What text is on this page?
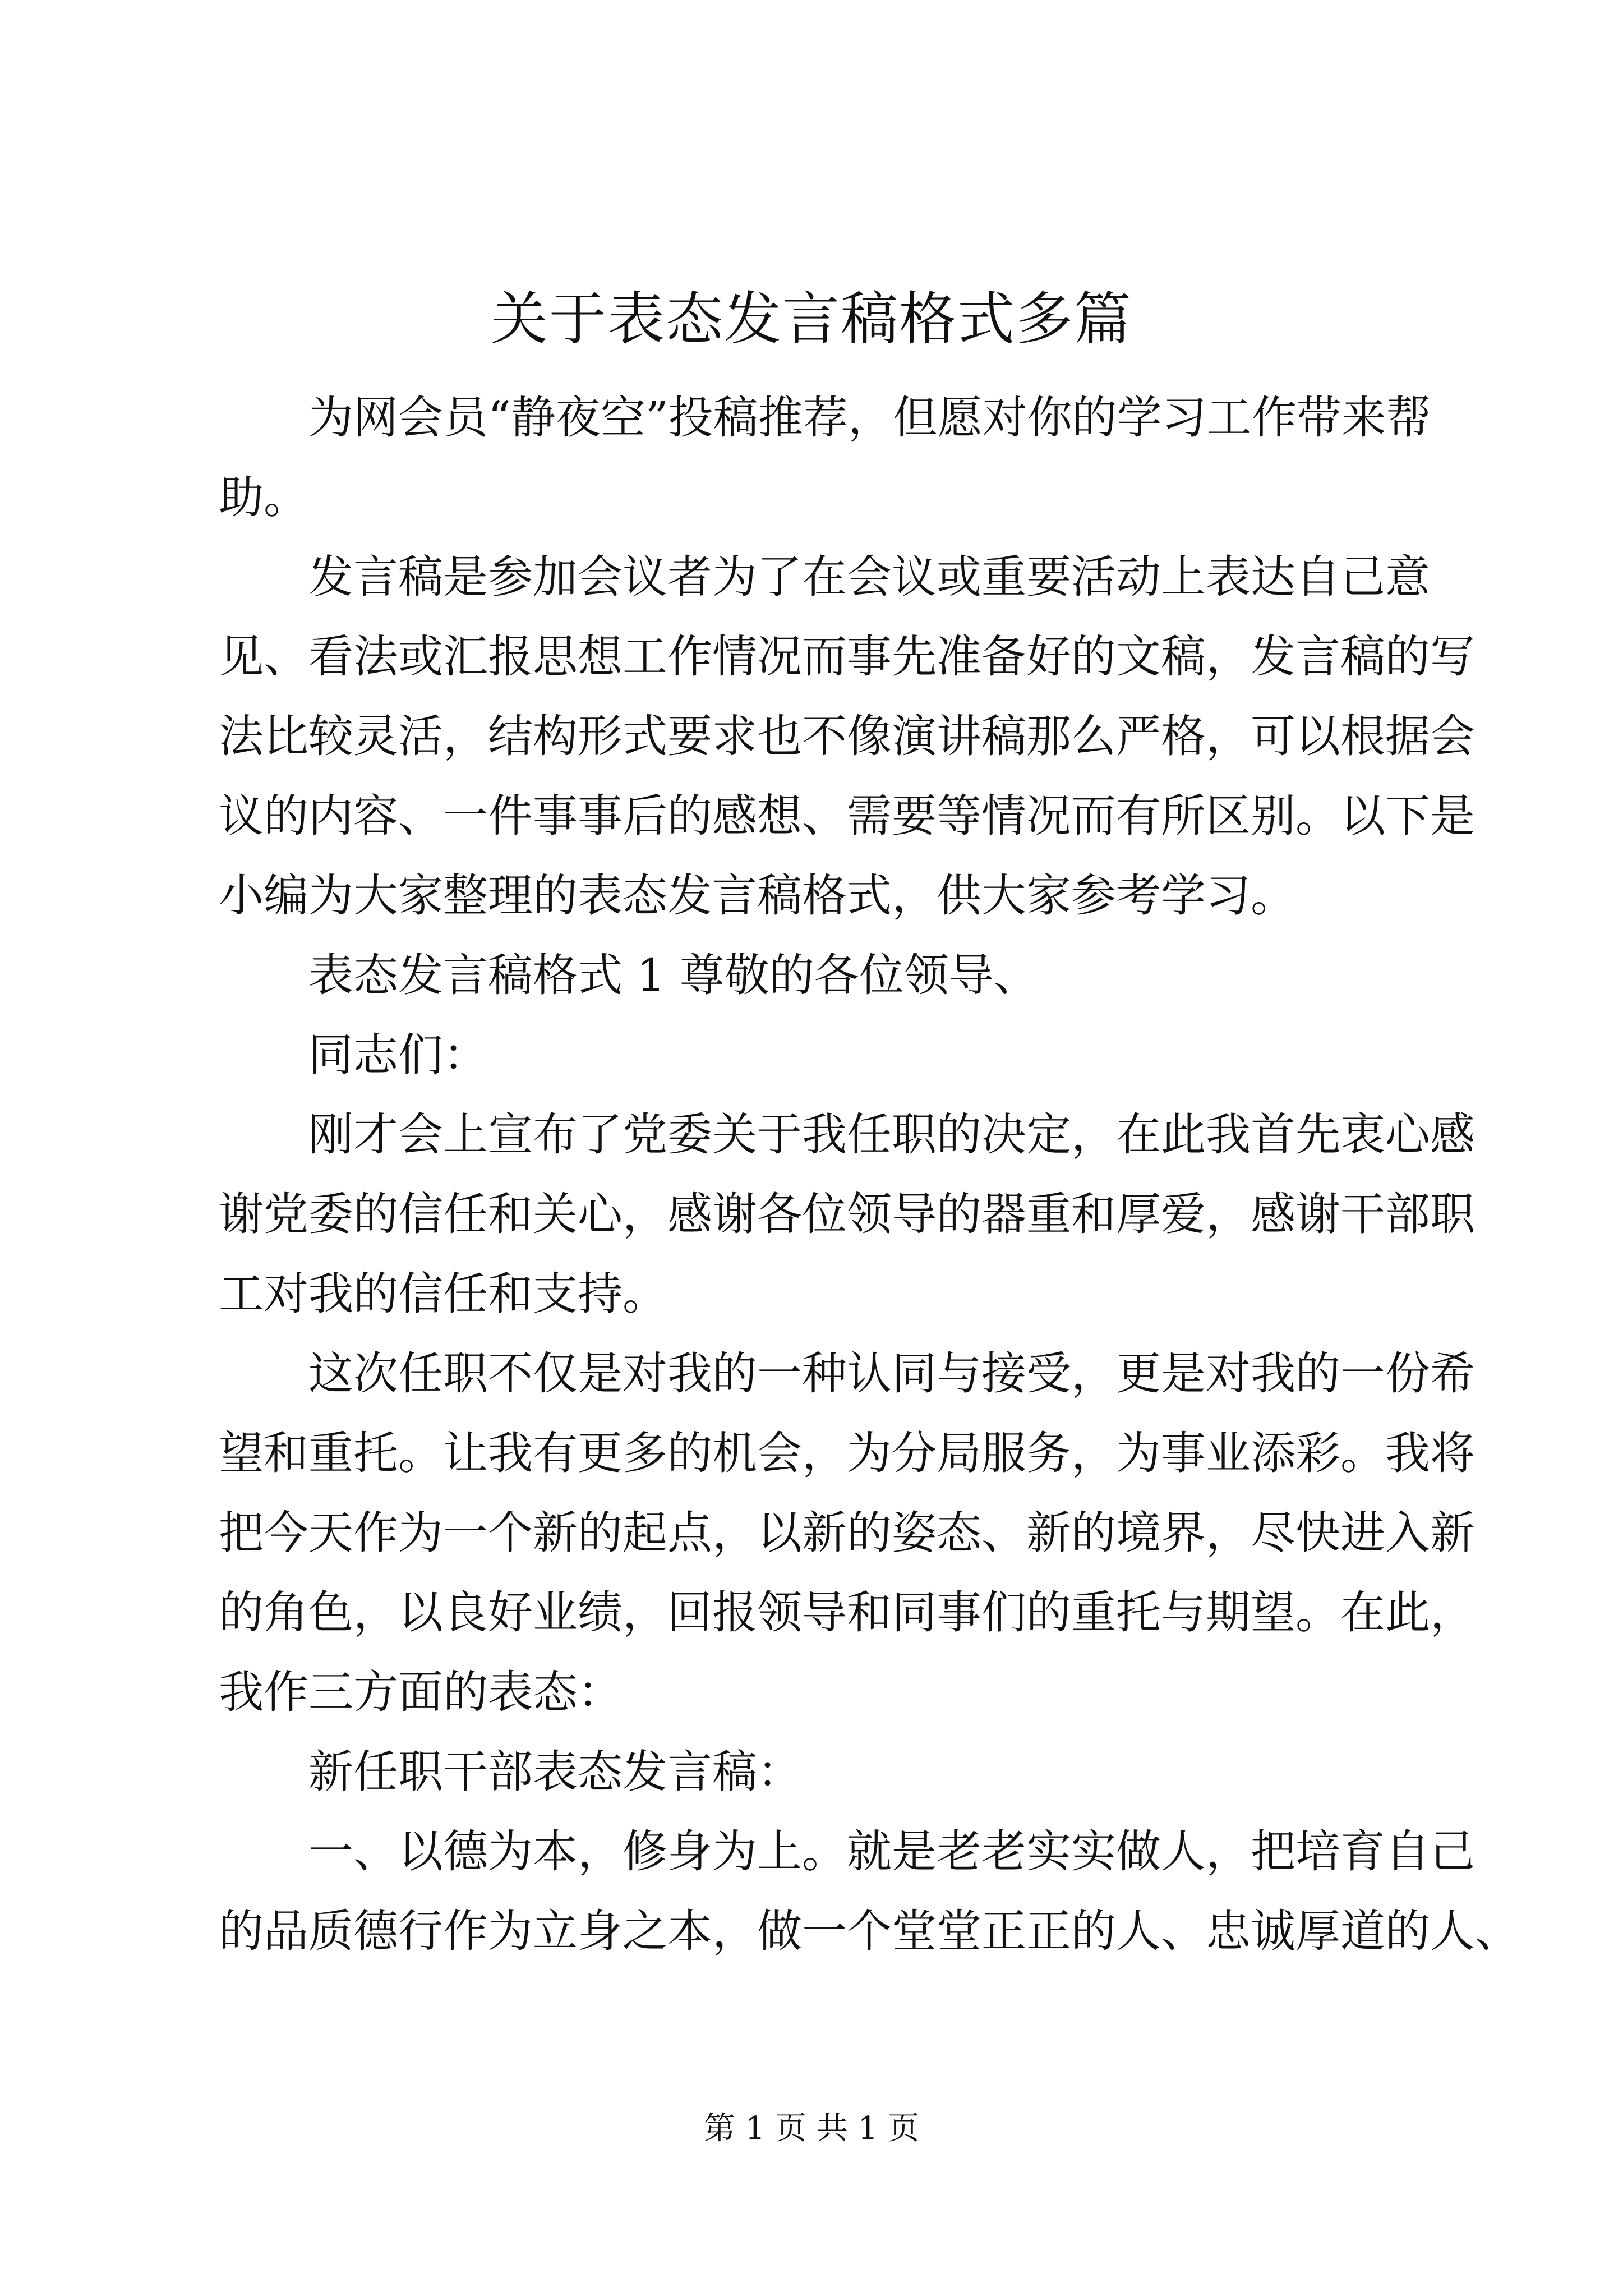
关于表态发言稿格式多篇
为网会员“静夜空”投稿推荐，但愿对你的学习工作带来帮
助。
发言稿是参加会议者为了在会议或重要活动上表达自己意
见、看法或汇报思想工作情况而事先准备好的文稿，发言稿的写
法比较灵活，结构形式要求也不像演讲稿那么严格，可以根据会
议的内容、一件事事后的感想、需要等情况而有所区别。以下是
小编为大家整理的表态发言稿格式，供大家参考学习。
表态发言稿格式 1 尊敬的各位领导、
同志们：
刚才会上宣布了党委关于我任职的决定，在此我首先衷心感
谢党委的信任和关心，感谢各位领导的器重和厚爱，感谢干部职
工对我的信任和支持。
这次任职不仅是对我的一种认同与接受，更是对我的一份希
望和重托。让我有更多的机会，为分局服务，为事业添彩。我将
把今天作为一个新的起点，以新的姿态、新的境界，尽快进入新
的角色，以良好业绩，回报领导和同事们的重托与期望。在此，
我作三方面的表态：
新任职干部表态发言稿：
一、以德为本，修身为上。就是老老实实做人，把培育自己
的品质德行作为立身之本，做一个堂堂正正的人、忠诚厚道的人、
第 1 页 共 1 页
